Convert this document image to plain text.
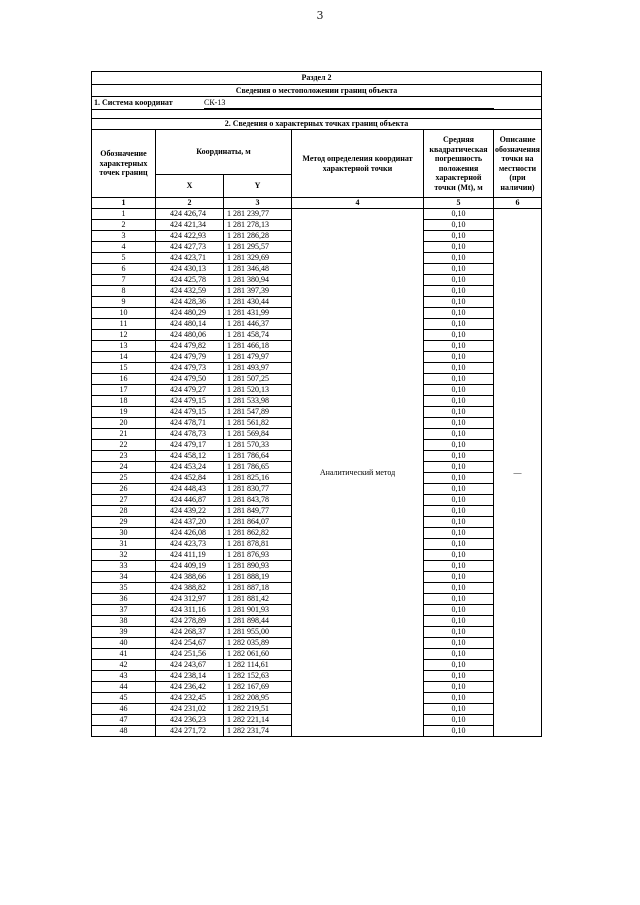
3
Раздел 2					
Сведения о местоположении границ объекта					
1. Система координат СК-13					

2. Сведения о характерных точках границ объекта					
Обозначение характерных точек границ	Координаты, м		Метод определения координат характерной точки	Средняя квадратическая погрешность положения характерной точки (Mt), м	Описание обозначения точки на местности (при наличии)
	X	Y			
1	2	3	4	5	6
1	424 426,74	1 281 239,77	Аналитический метод	0,10	—
2	424 421,34	1 281 278,13		0,10	
3	424 422,93	1 281 286,28		0,10	
4	424 427,73	1 281 295,57		0,10	
5	424 423,71	1 281 329,69		0,10	
6	424 430,13	1 281 346,48		0,10	
7	424 425,78	1 281 380,94		0,10	
8	424 432,59	1 281 397,39		0,10	
9	424 428,36	1 281 430,44		0,10	
10	424 480,29	1 281 431,99		0,10	
11	424 480,14	1 281 446,37		0,10	
12	424 480,06	1 281 458,74		0,10	
13	424 479,82	1 281 466,18		0,10	
14	424 479,79	1 281 479,97		0,10	
15	424 479,73	1 281 493,97		0,10	
16	424 479,50	1 281 507,25		0,10	
17	424 479,27	1 281 520,13		0,10	
18	424 479,15	1 281 533,98		0,10	
19	424 479,15	1 281 547,89		0,10	
20	424 478,71	1 281 561,82		0,10	
21	424 478,73	1 281 569,84		0,10	
22	424 479,17	1 281 570,33		0,10	
23	424 458,12	1 281 786,64		0,10	
24	424 453,24	1 281 786,65		0,10	
25	424 452,84	1 281 825,16		0,10	
26	424 448,43	1 281 830,77		0,10	
27	424 446,87	1 281 843,78		0,10	
28	424 439,22	1 281 849,77		0,10	
29	424 437,20	1 281 864,07		0,10	
30	424 426,08	1 281 862,82		0,10	
31	424 423,73	1 281 878,81		0,10	
32	424 411,19	1 281 876,93		0,10	
33	424 409,19	1 281 890,93		0,10	
34	424 388,66	1 281 888,19		0,10	
35	424 388,82	1 281 887,18		0,10	
36	424 312,97	1 281 881,42		0,10	
37	424 311,16	1 281 901,93		0,10	
38	424 278,89	1 281 898,44		0,10	
39	424 268,37	1 281 955,00		0,10	
40	424 254,67	1 282 035,89		0,10	
41	424 251,56	1 282 061,60		0,10	
42	424 243,67	1 282 114,61		0,10	
43	424 238,14	1 282 152,63		0,10	
44	424 236,42	1 282 167,69		0,10	
45	424 232,45	1 282 208,95		0,10	
46	424 231,02	1 282 219,51		0,10	
47	424 236,23	1 282 221,14		0,10	
48	424 271,72	1 282 231,74		0,10	
